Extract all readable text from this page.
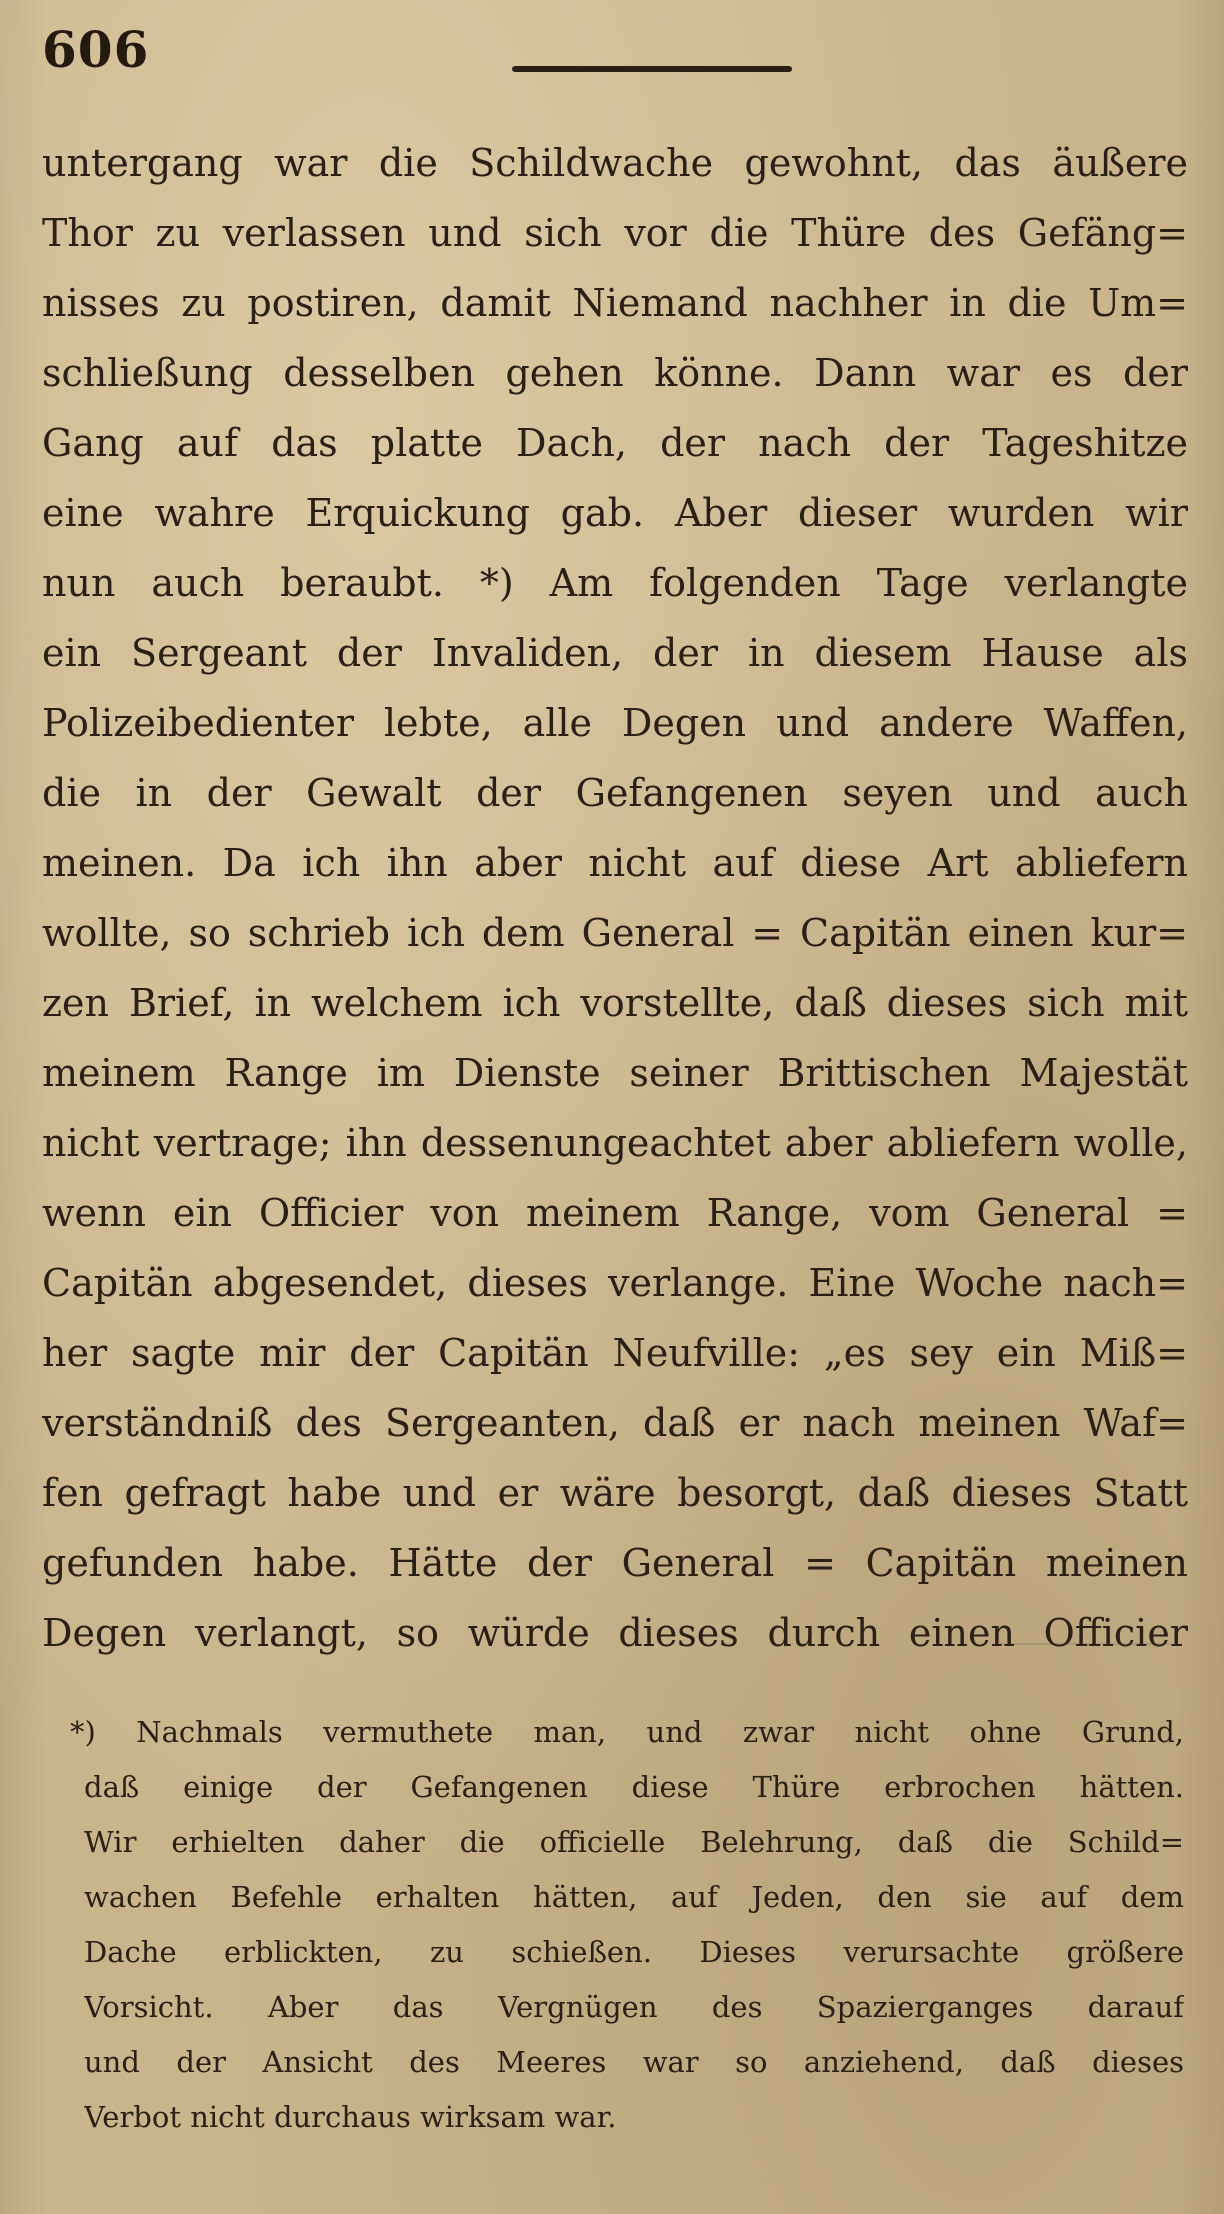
606
untergang war die Schildwache gewohnt, das äußere
Thor zu verlassen und sich vor die Thüre des Gefäng=
nisses zu postiren, damit Niemand nachher in die Um=
schließung desselben gehen könne. Dann war es der
Gang auf das platte Dach, der nach der Tageshitze
eine wahre Erquickung gab. Aber dieser wurden wir
nun auch beraubt. *) Am folgenden Tage verlangte
ein Sergeant der Invaliden, der in diesem Hause als
Polizeibedienter lebte, alle Degen und andere Waffen,
die in der Gewalt der Gefangenen seyen und auch
meinen. Da ich ihn aber nicht auf diese Art abliefern
wollte, so schrieb ich dem General = Capitän einen kur=
zen Brief, in welchem ich vorstellte, daß dieses sich mit
meinem Range im Dienste seiner Brittischen Majestät
nicht vertrage; ihn dessenungeachtet aber abliefern wolle,
wenn ein Officier von meinem Range, vom General =
Capitän abgesendet, dieses verlange. Eine Woche nach=
her sagte mir der Capitän Neufville: „es sey ein Miß=
verständniß des Sergeanten, daß er nach meinen Waf=
fen gefragt habe und er wäre besorgt, daß dieses Statt
gefunden habe. Hätte der General = Capitän meinen
Degen verlangt, so würde dieses durch einen Officier
*) Nachmals vermuthete man, und zwar nicht ohne Grund,
daß einige der Gefangenen diese Thüre erbrochen hätten.
Wir erhielten daher die officielle Belehrung, daß die Schild=
wachen Befehle erhalten hätten, auf Jeden, den sie auf dem
Dache erblickten, zu schießen. Dieses verursachte größere
Vorsicht. Aber das Vergnügen des Spazierganges darauf
und der Ansicht des Meeres war so anziehend, daß dieses
Verbot nicht durchaus wirksam war.
